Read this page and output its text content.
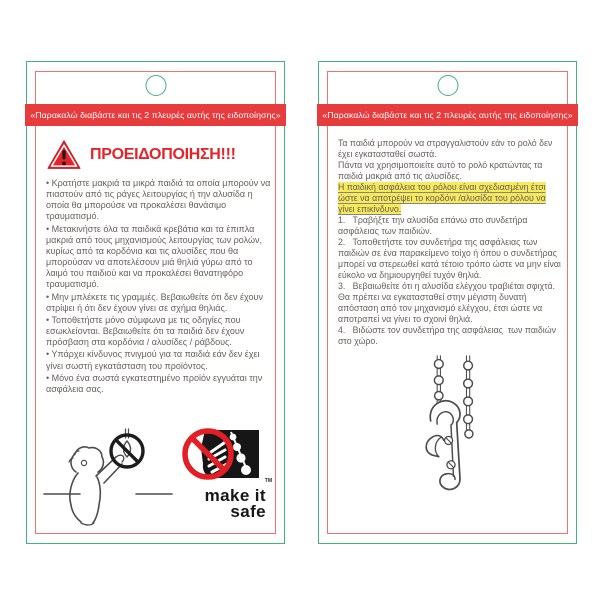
«Παρακαλώ διαβάστε και τις 2 πλευρές αυτής της ειδοποίησης»
ΠΡΟΕΙΔΟΠΟΙΗΣΗ!!!

• Κρατήστε μακριά τα μικρά παιδιά τα οποία μπορούν να πιαστούν από τις ράγες λειτουργίας ή την αλυσίδα η οποία θα μπορούσε να προκαλέσει θανάσιμο τραυματισμό.

• Μετακινήστε όλα τα παιδικά κρεβάτια και τα έπιπλα μακριά από τους μηχανισμούς λειτουργίας των ρολών, κυρίως από τα κορδόνια και τις αλυσίδες που θα μπορούσαν να αποτελέσουν μιά θηλιά γύρω από το λαιμό του παιδιού και να προκαλέσει θανατηφόρο τραυματισμό.

• Μην μπλέκετε τις γραμμές. Βεβαιωθείτε ότι δεν έχουν στρίψει ή ότι δεν έχουν γίνει σε σχήμα θηλιάς.

• Τοποθετήστε μόνο σύμφωνα με τις οδηγίες που εσωκλείονται. Βεβαιωθείτε ότι τα παιδιά δεν έχουν πρόσβαση στα κορδόνια / αλυσίδες / ράβδους.

• Υπάρχει κίνδυνος πνιγμού για τα παιδιά εάν δεν έχει γίνει σωστή εγκατάσταση του προϊόντος.

• Μόνο ένα σωστά εγκατεστημένο προϊόν εγγυάται την ασφάλεια σας.

TM
make it
safe
«Παρακαλώ διαβάστε και τις 2 πλευρές αυτής της ειδοποίησης»

Τα παιδιά μπορούν να στραγγαλιστούν εάν το ρολό δεν έχει εγκατασταθεί σωστά.

Πάντα να χρησιμοποιείτε αυτό το ρολό κρατώντας τα παιδιά μακριά από τις αλυσίδες.

Η παιδική ασφάλεια του ρόλου είναι σχεδιασμένη έτσι ώστε να αποτρέψει το κορδόνι /αλυσίδα του ρόλου να γίνει επικίνδυνο.

1.   Τραβήξτε την αλυσίδα επάνω στο συνδετήρα ασφάλειας των παιδιών.

2.   Τοποθετήστε τον συνδετήρα της ασφάλειας των παιδιών σε ένα παρακείμενο τοίχο ή όπου ο συνδετήρας μπορεί να στερεωθεί κατά τέτοιο τρόπο ώστε να μην είναι εύκολο να δημιουργηθεί τυχόν θηλιά.

3.   Βεβαιωθείτε ότι η αλυσίδα ελέγχου τραβιέται σφιχτά. Θα πρέπει να εγκατασταθεί στην μέγιστη δυνατή απόσταση από τον μηχανισμό ελέγχου, έτσι ώστε να αποτραπεί να γίνει το σχοινί θηλιά.

4.   Βιδώστε τον συνδετήρα της ασφάλειας  των παιδιών στο χώρο.
